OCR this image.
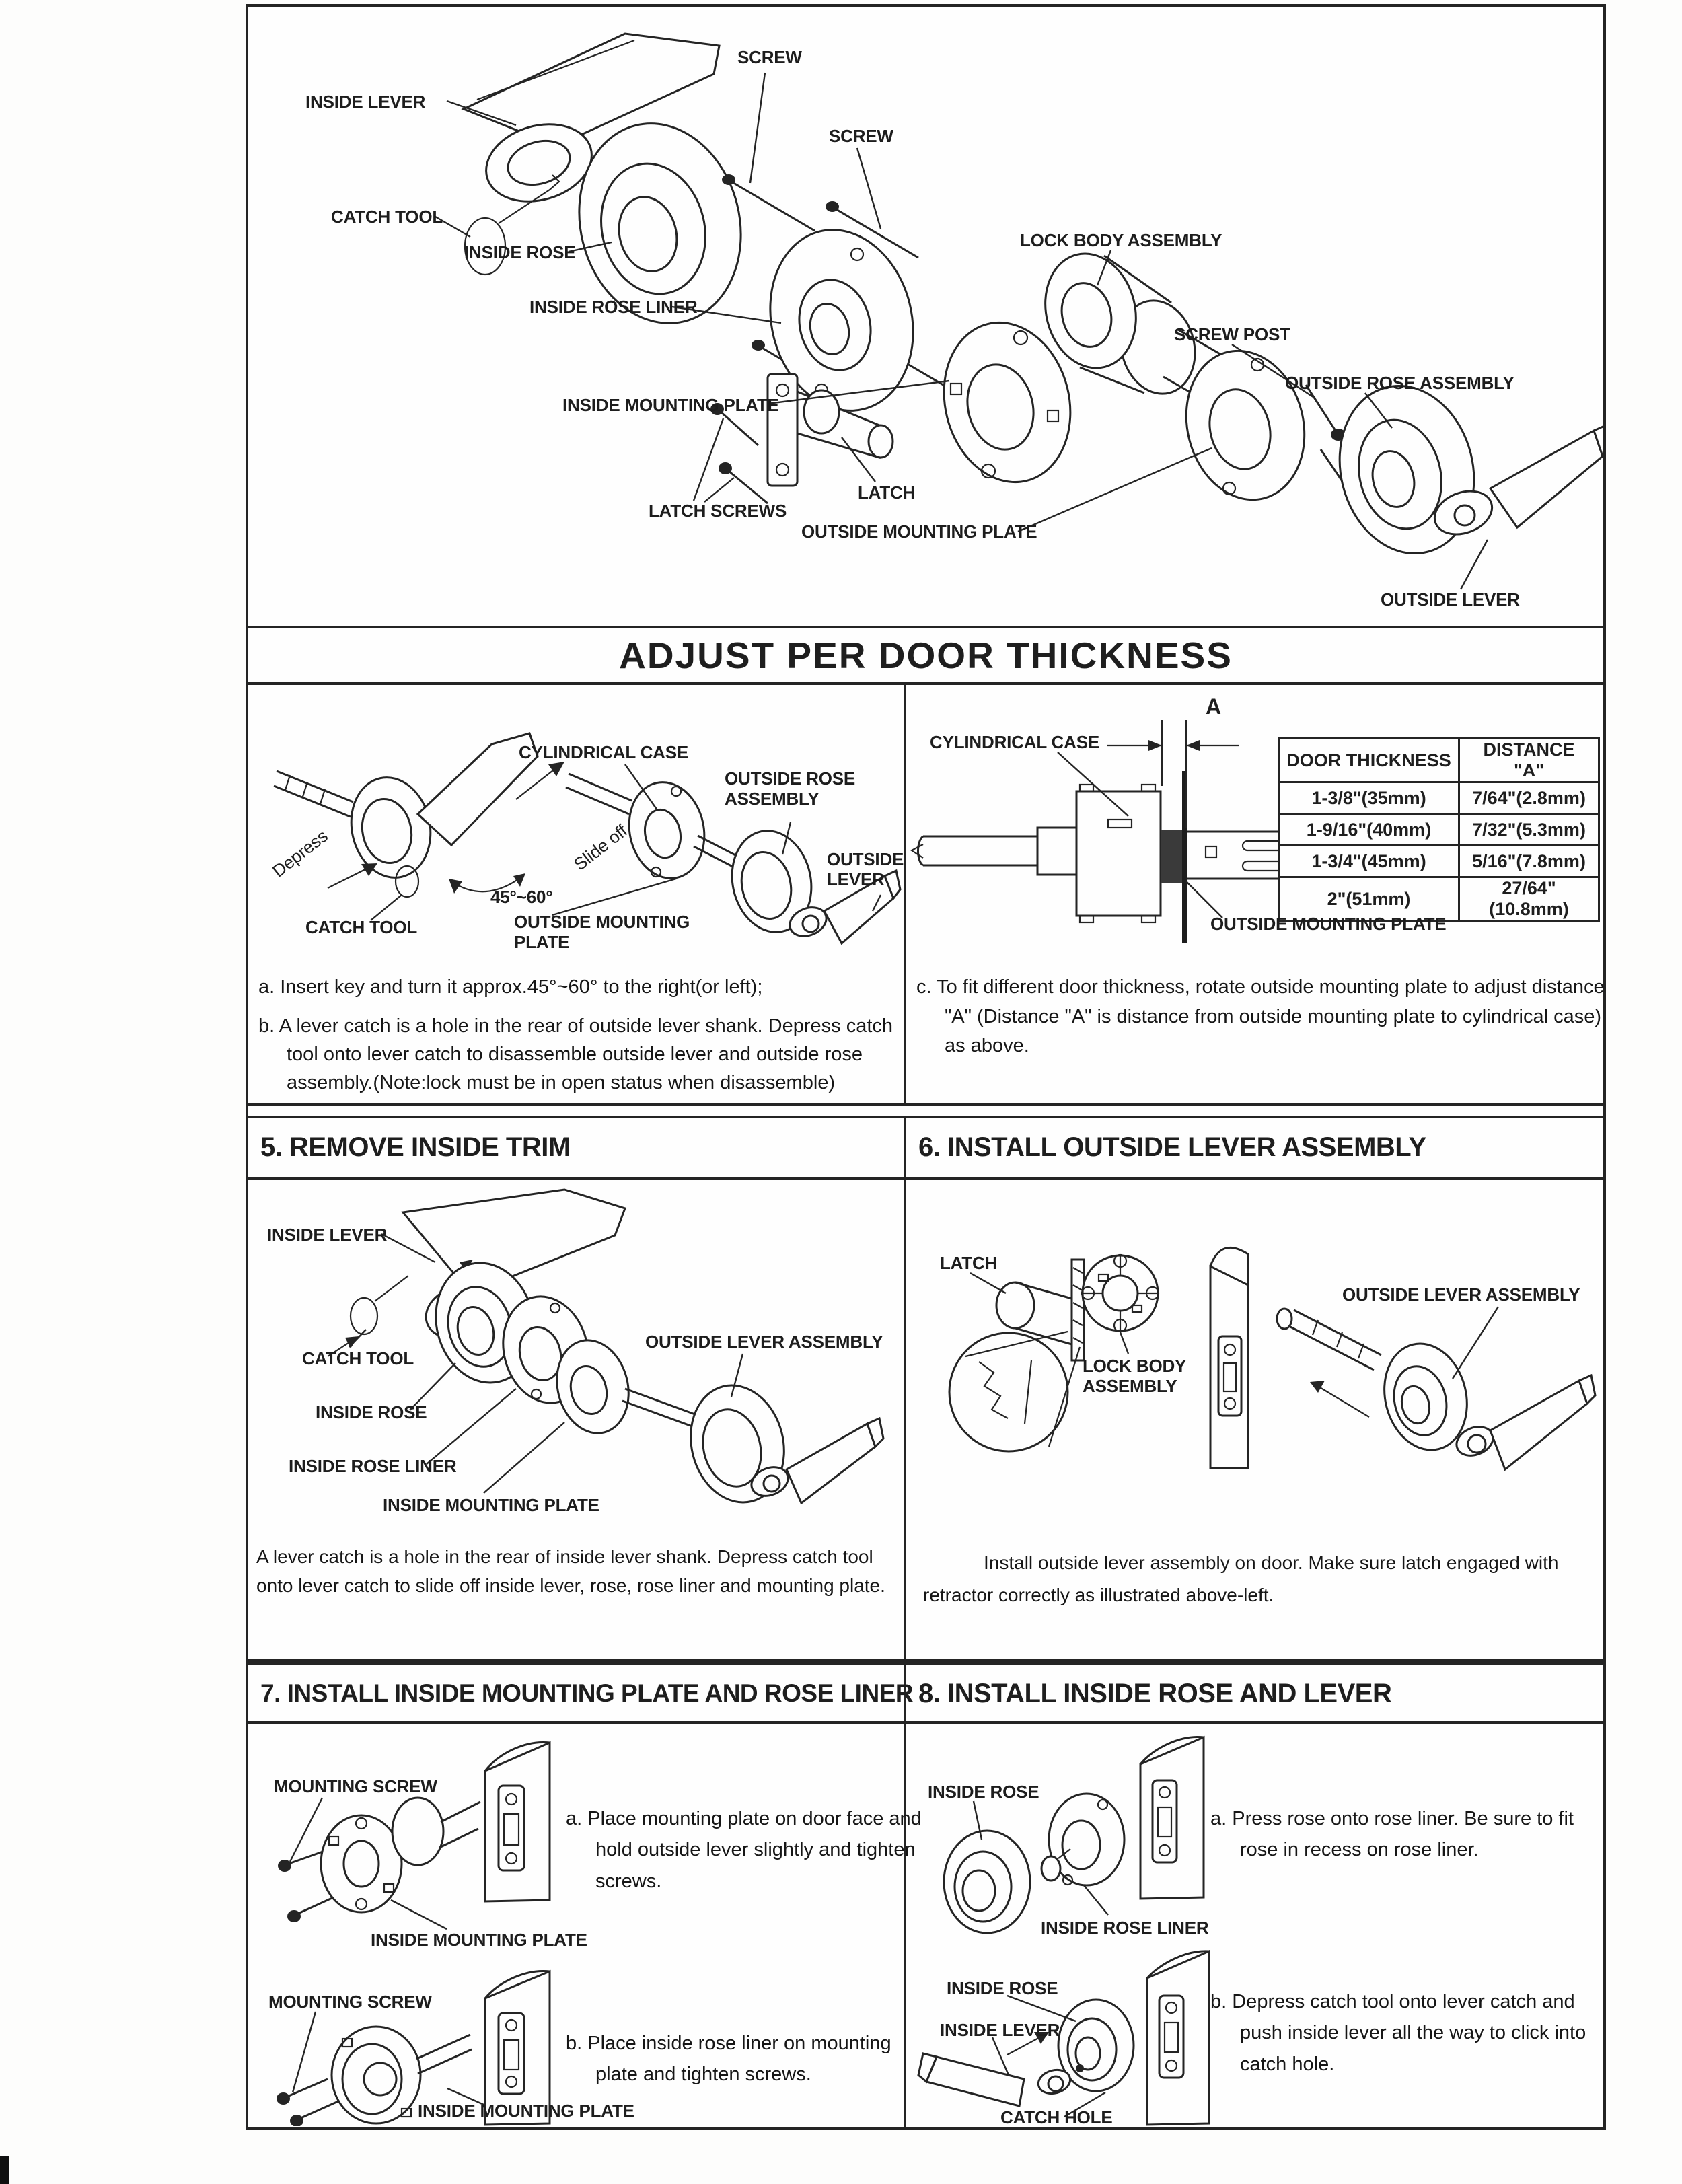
INSIDE LEVER
SCREW
SCREW
CATCH TOOL
INSIDE ROSE
INSIDE ROSE LINER
INSIDE MOUNTING PLATE
LATCH SCREWS
LATCH
OUTSIDE MOUNTING PLATE
LOCK BODY ASSEMBLY
SCREW POST
OUTSIDE ROSE ASSEMBLY
OUTSIDE LEVER
ADJUST PER DOOR THICKNESS
Depress	Slide off
45°~60°
CATCH TOOL
CYLINDRICAL CASE
OUTSIDE ROSE ASSEMBLY
OUTSIDE LEVER
OUTSIDE MOUNTING PLATE
a. Insert key and turn it approx.45°~60° to the right(or left);
b. A lever catch is a hole in the rear of outside lever shank. Depress catch tool onto lever catch to disassemble outside lever and outside rose assembly.(Note:lock must be in open status when disassemble)
CYLINDRICAL CASE
A
DOOR THICKNESS	DISTANCE "A"
1-3/8"(35mm)	7/64"(2.8mm)
1-9/16"(40mm)	7/32"(5.3mm)
1-3/4"(45mm)	5/16"(7.8mm)
2"(51mm)	27/64"(10.8mm)
OUTSIDE MOUNTING PLATE
c. To fit different door thickness, rotate outside mounting plate to adjust distance "A" (Distance "A" is distance from outside mounting plate to cylindrical case) as above.
5. REMOVE INSIDE TRIM	6. INSTALL OUTSIDE LEVER ASSEMBLY
INSIDE LEVER
CATCH TOOL
INSIDE ROSE
INSIDE ROSE LINER
INSIDE MOUNTING PLATE
OUTSIDE LEVER ASSEMBLY
A lever catch is a hole in the rear of inside lever shank. Depress catch tool onto lever catch to slide off inside lever, rose, rose liner and mounting plate.
LATCH
LOCK BODY ASSEMBLY
OUTSIDE LEVER ASSEMBLY
Install outside lever assembly on door. Make sure latch engaged with retractor correctly as illustrated above-left.
7. INSTALL INSIDE MOUNTING PLATE AND ROSE LINER 8. INSTALL INSIDE ROSE AND LEVER
MOUNTING SCREW
INSIDE MOUNTING PLATE
a. Place mounting plate on door face and hold outside lever slightly and tighten screws.
MOUNTING SCREW
INSIDE MOUNTING PLATE
b. Place inside rose liner on mounting plate and tighten screws.
INSIDE ROSE
INSIDE ROSE LINER
a. Press rose onto rose liner. Be sure to fit rose in recess on rose liner.
INSIDE ROSE
INSIDE LEVER
CATCH HOLE
b. Depress catch tool onto lever catch and push inside lever all the way to click into catch hole.
